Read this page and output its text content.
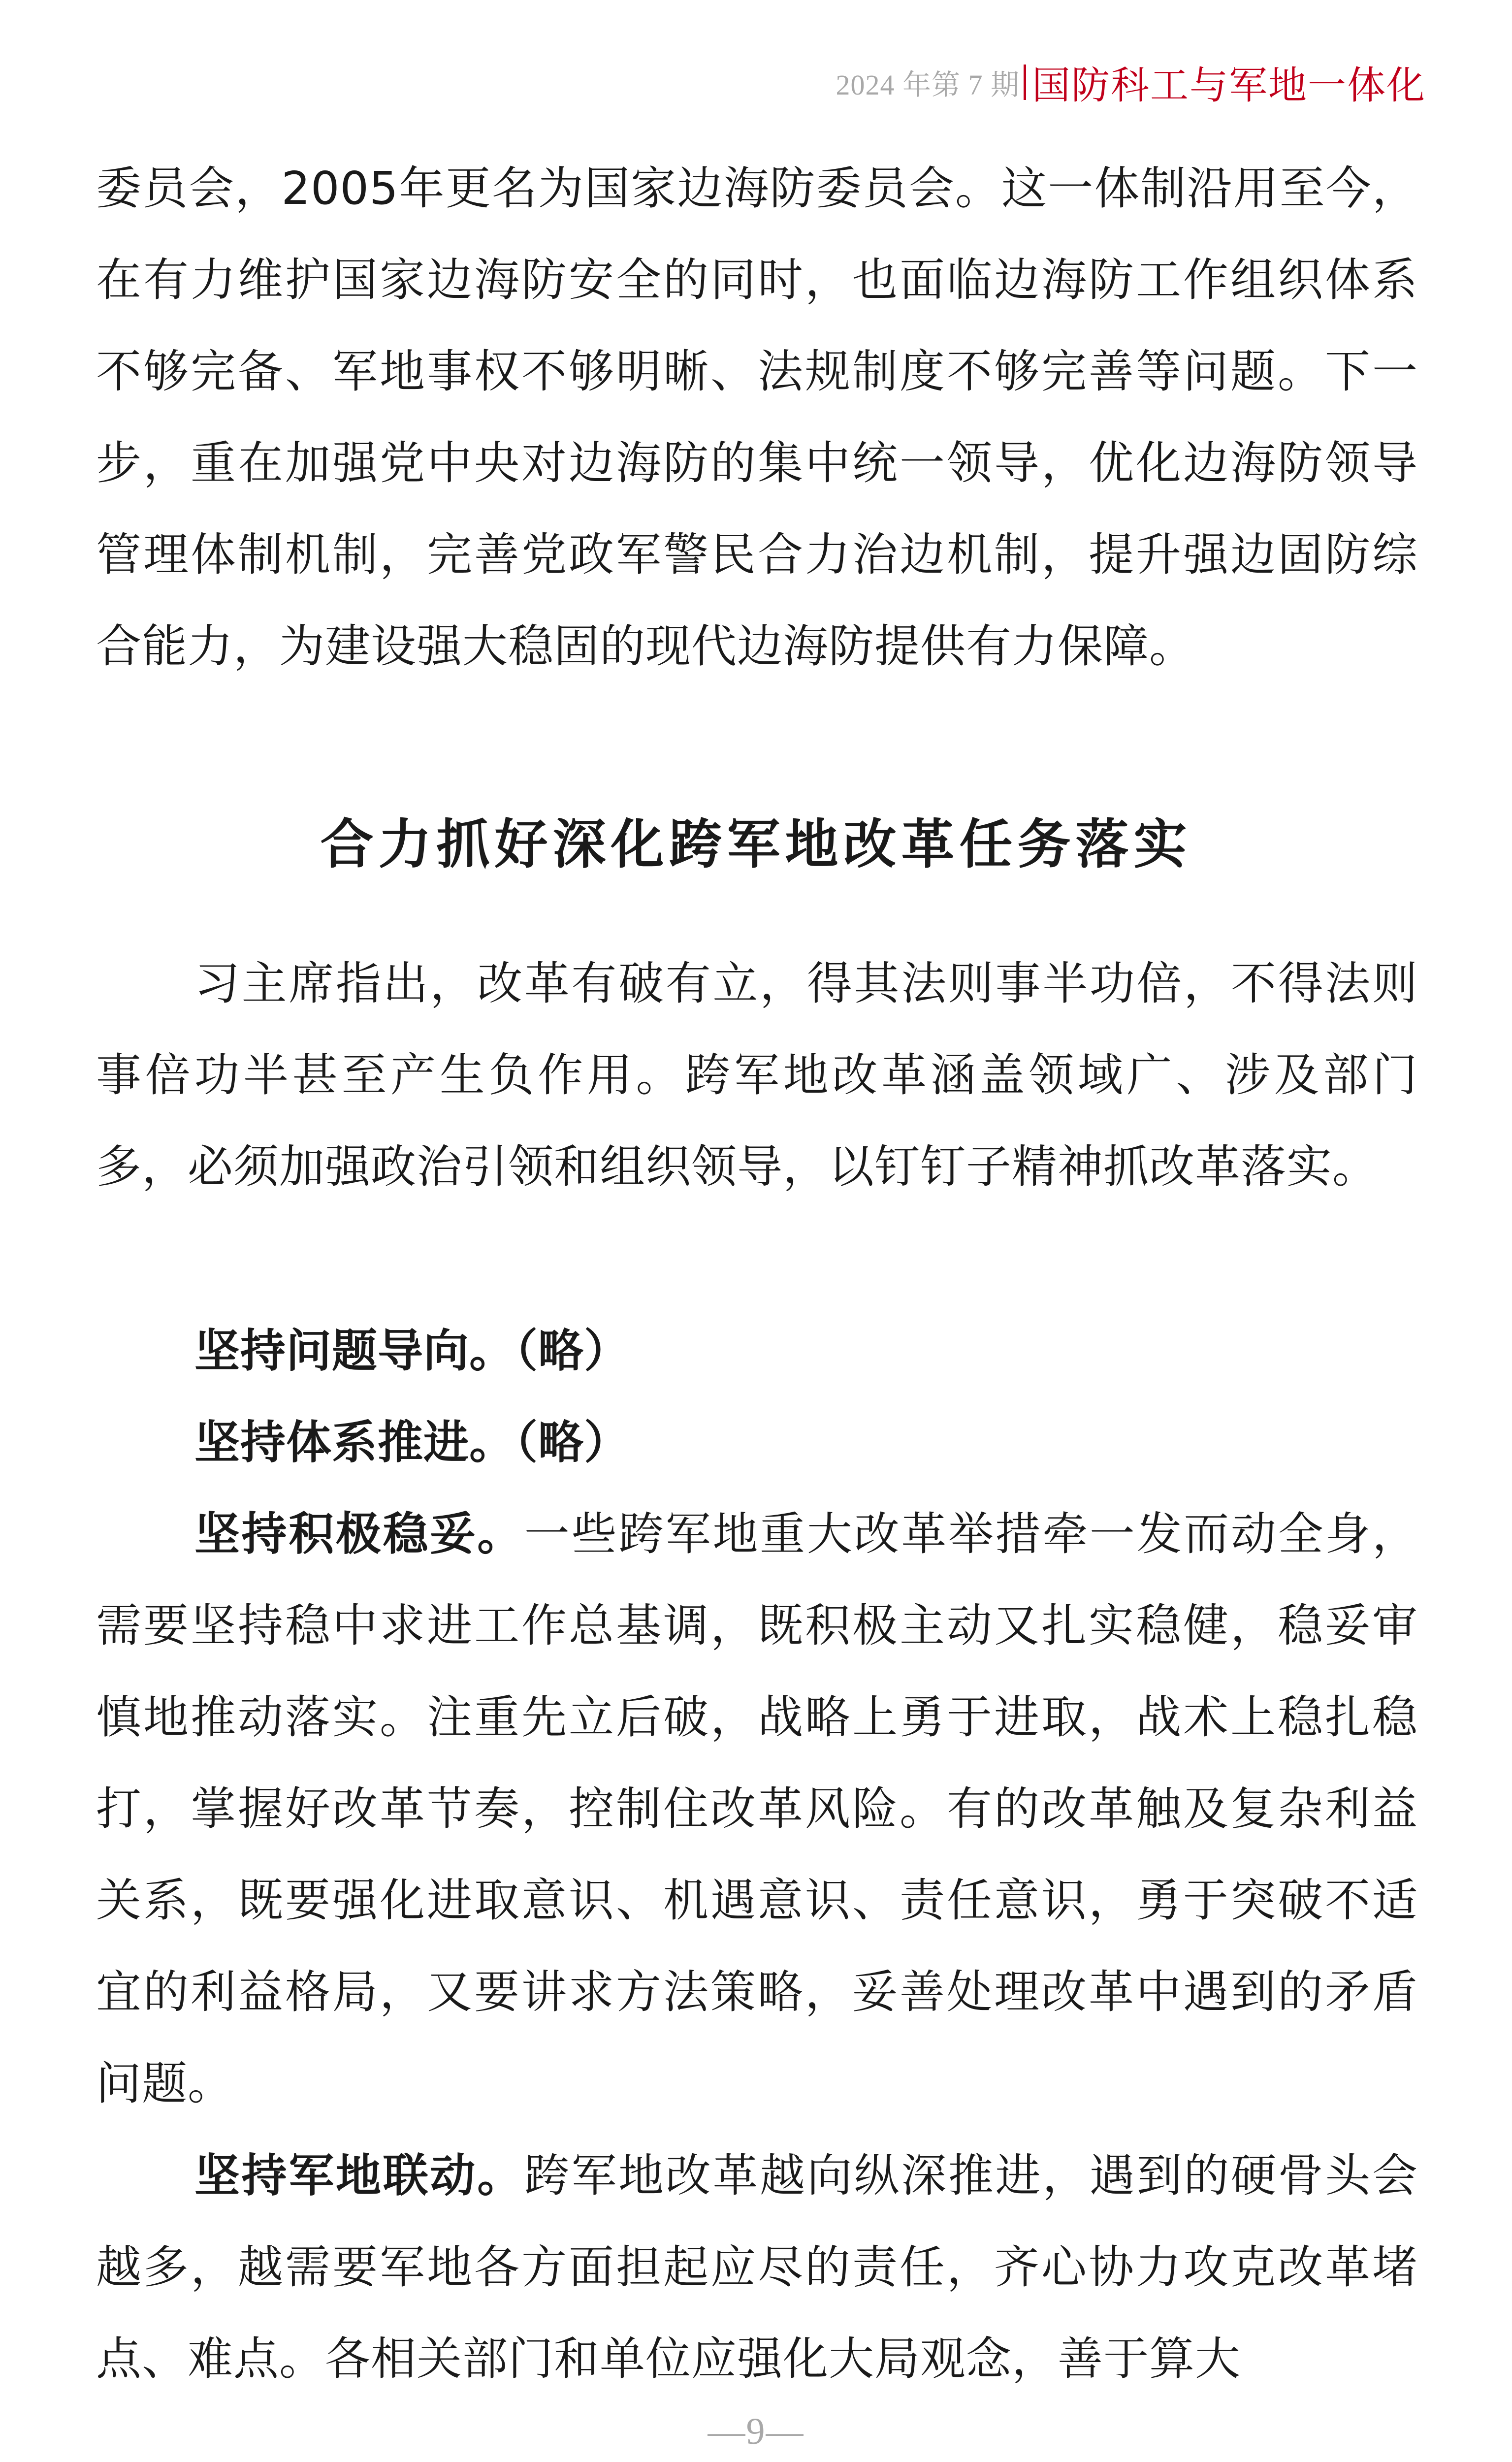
2024 年第 7 期 国防科工与军地一体化

委员会，2005年更名为国家边海防委员会。这一体制沿用至今，在有力维护国家边海防安全的同时，也面临边海防工作组织体系不够完备、军地事权不够明晰、法规制度不够完善等问题。下一步，重在加强党中央对边海防的集中统一领导，优化边海防领导管理体制机制，完善党政军警民合力治边机制，提升强边固防综合能力，为建设强大稳固的现代边海防提供有力保障。

合力抓好深化跨军地改革任务落实

习主席指出，改革有破有立，得其法则事半功倍，不得法则事倍功半甚至产生负作用。跨军地改革涵盖领域广、涉及部门多，必须加强政治引领和组织领导，以钉钉子精神抓改革落实。

坚持问题导向。（略）

坚持体系推进。（略）

坚持积极稳妥。一些跨军地重大改革举措牵一发而动全身，需要坚持稳中求进工作总基调，既积极主动又扎实稳健，稳妥审慎地推动落实。注重先立后破，战略上勇于进取，战术上稳扎稳打，掌握好改革节奏，控制住改革风险。有的改革触及复杂利益关系，既要强化进取意识、机遇意识、责任意识，勇于突破不适宜的利益格局，又要讲求方法策略，妥善处理改革中遇到的矛盾问题。

坚持军地联动。跨军地改革越向纵深推进，遇到的硬骨头会越多，越需要军地各方面担起应尽的责任，齐心协力攻克改革堵点、难点。各相关部门和单位应强化大局观念，善于算大

—9—
